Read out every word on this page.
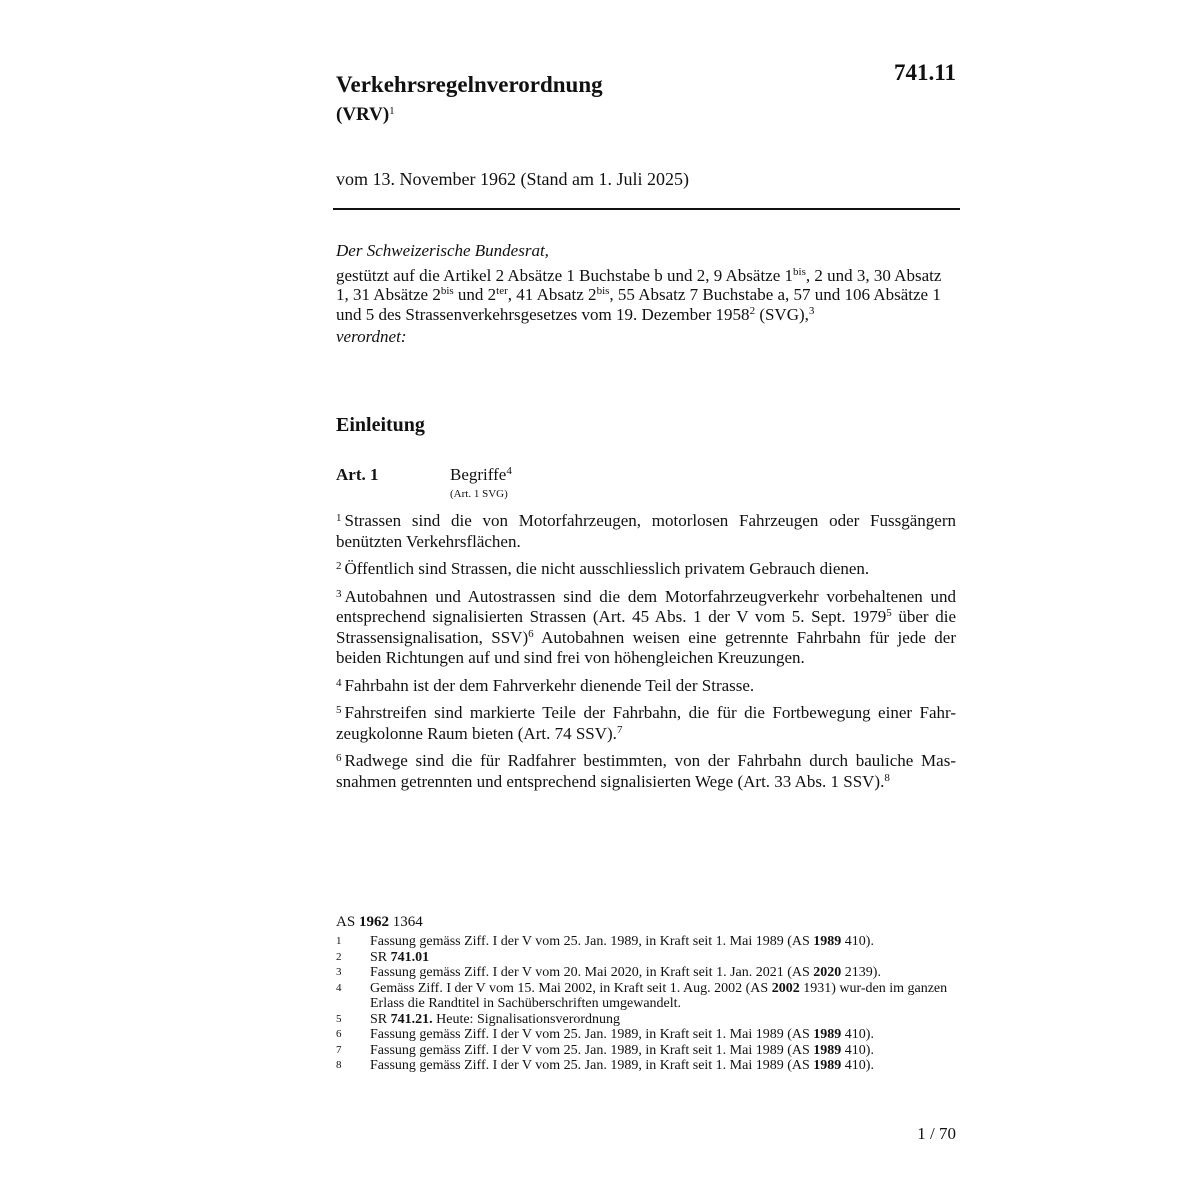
741.11
Verkehrsregelnverordnung
(VRV)$^1$
vom 13. November 1962 (Stand am 1. Juli 2025)

Der Schweizerische Bundesrat,

gestützt auf die Artikel 2 Absätze 1 Buchstabe b und 2, 9 Absätze $1^{bis}$, 2 und 3, 30 Absatz 1, 31 Absätze $2^{bis}$ und $2^{ter}$, 41 Absatz $2^{bis}$, 55 Absatz 7 Buchstabe a, 57 und 106 Absätze 1 und 5 des Strassenverkehrsgesetzes vom 19. Dezember 1958$^2$ (SVG),$^3$

verordnet:

Einleitung
Art. 1	Begriffe$^4$
(Art. 1 SVG)

$^1$ Strassen sind die von Motorfahrzeugen, motorlosen Fahrzeugen oder Fussgängern benützten Verkehrsflächen.

$^2$ Öffentlich sind Strassen, die nicht ausschliesslich privatem Gebrauch dienen.

$^3$ Autobahnen und Autostrassen sind die dem Motorfahrzeugverkehr vorbehaltenen und entsprechend signalisierten Strassen (Art. 45 Abs. 1 der V vom 5. Sept. 1979$^5$ über die Strassensignalisation, SSV)$^6$ Autobahnen weisen eine getrennte Fahrbahn für jede der beiden Richtungen auf und sind frei von höhengleichen Kreuzungen.

$^4$ Fahrbahn ist der dem Fahrverkehr dienende Teil der Strasse.

$^5$ Fahrstreifen sind markierte Teile der Fahrbahn, die für die Fortbewegung einer Fahr-zeugkolonne Raum bieten (Art. 74 SSV).$^7$

$^6$ Radwege sind die für Radfahrer bestimmten, von der Fahrbahn durch bauliche Mas-snahmen getrennten und entsprechend signalisierten Wege (Art. 33 Abs. 1 SSV).$^8$

AS 1962 1364
1	Fassung gemäss Ziff. I der V vom 25. Jan. 1989, in Kraft seit 1. Mai 1989 (AS 1989 410).
2	SR 741.01
3	Fassung gemäss Ziff. I der V vom 20. Mai 2020, in Kraft seit 1. Jan. 2021 (AS 2020 2139).
4	Gemäss Ziff. I der V vom 15. Mai 2002, in Kraft seit 1. Aug. 2002 (AS 2002 1931) wur-den im ganzen Erlass die Randtitel in Sachüberschriften umgewandelt.
5	SR 741.21. Heute: Signalisationsverordnung
6	Fassung gemäss Ziff. I der V vom 25. Jan. 1989, in Kraft seit 1. Mai 1989 (AS 1989 410).
7	Fassung gemäss Ziff. I der V vom 25. Jan. 1989, in Kraft seit 1. Mai 1989 (AS 1989 410).
8	Fassung gemäss Ziff. I der V vom 25. Jan. 1989, in Kraft seit 1. Mai 1989 (AS 1989 410).
1 / 70
